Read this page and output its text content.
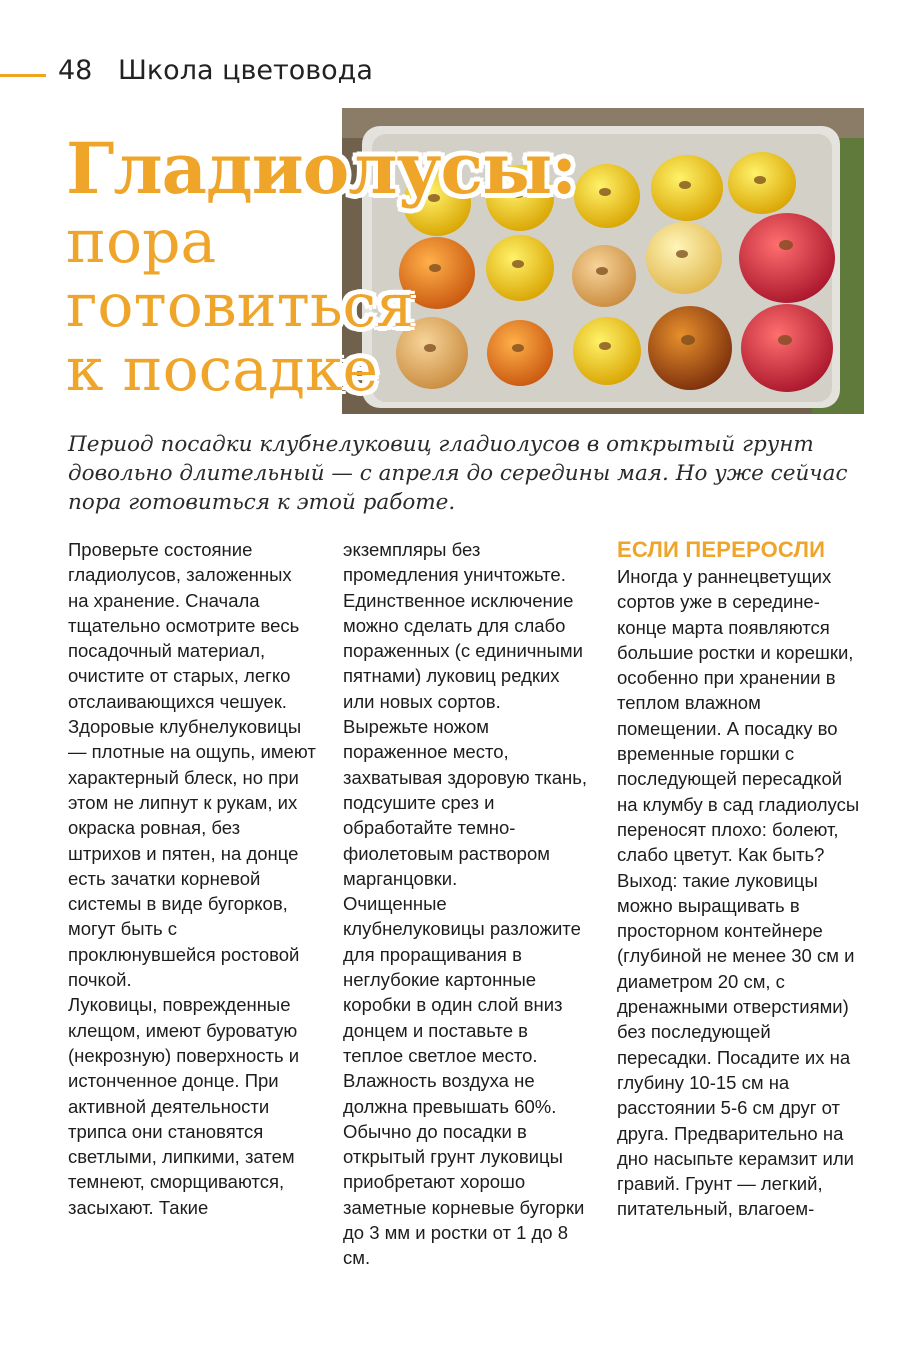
48 Школа цветовода
Гладиолусы:
пора
готовиться
к посадке

Период посадки клубнелуковиц гладиолусов в открытый грунт довольно длительный — с апреля до середины мая. Но уже сейчас пора готовиться к этой работе.

Проверьте состояние гладиолусов, заложенных на хранение. Сначала тщательно осмотрите весь посадочный материал, очистите от старых, легко отслаивающихся чешуек. Здоровые клубнелуковицы — плотные на ощупь, имеют характерный блеск, но при этом не липнут к рукам, их окраска ровная, без штрихов и пятен, на донце есть зачатки корневой системы в виде бугорков, могут быть с проклюнувшейся ростовой почкой.

Луковицы, поврежденные клещом, имеют буроватую (некрозную) поверхность и истонченное донце. При активной деятельности трипса они становятся светлыми, липкими, затем темнеют, сморщиваются, засыхают. Такие

экземпляры без промедления уничтожьте. Единственное исключение можно сделать для слабо пораженных (с единичными пятнами) луковиц редких или новых сортов. Вырежьте ножом пораженное место, захватывая здоровую ткань, подсушите срез и обработайте темно-фиолетовым раствором марганцовки.

Очищенные клубнелуковицы разложите для проращивания в неглубокие картонные коробки в один слой вниз донцем и поставьте в теплое светлое место. Влажность воздуха не должна превышать 60%. Обычно до посадки в открытый грунт луковицы приобретают хорошо заметные корневые бугорки до 3 мм и ростки от 1 до 8 см.

ЕСЛИ ПЕРЕРОСЛИ

Иногда у раннецветущих сортов уже в середине-конце марта появляются большие ростки и корешки, особенно при хранении в теплом влажном помещении. А посадку во временные горшки с последующей пересадкой на клумбу в сад гладиолусы переносят плохо: болеют, слабо цветут. Как быть?

Выход: такие луковицы можно выращивать в просторном контейнере (глубиной не менее 30 см и диаметром 20 см, с дренажными отверстиями) без последующей пересадки. Посадите их на глубину 10-15 см на расстоянии 5-6 см друг от друга. Предварительно на дно насыпьте керамзит или гравий. Грунт — легкий, питательный, влагоем-
